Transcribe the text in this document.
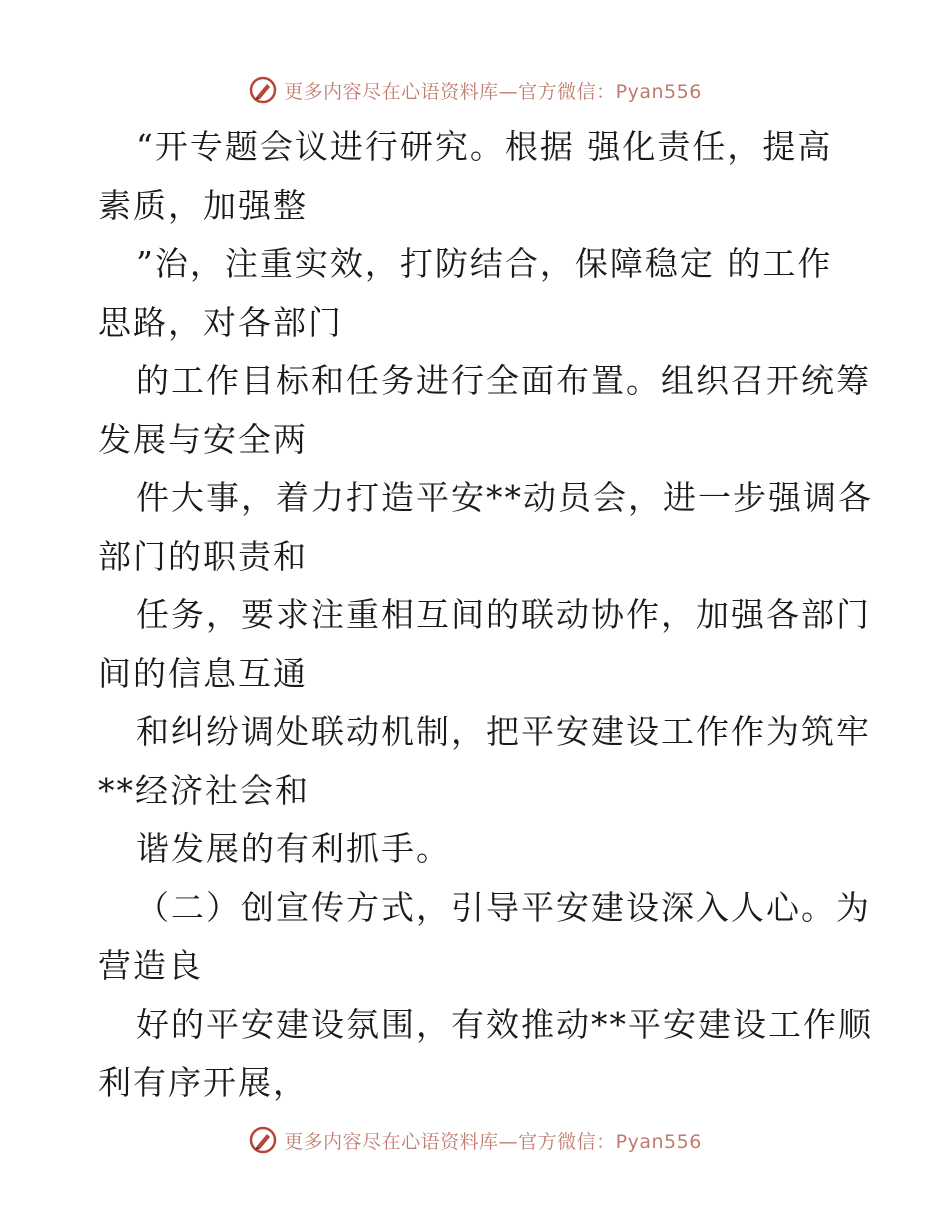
更多内容尽在心语资料库—官方微信：Pyan556
“开专题会议进行研究。根据 强化责任，提高
素质，加强整
”治，注重实效，打防结合，保障稳定 的工作
思路，对各部门
的工作目标和任务进行全面布置。组织召开统筹
发展与安全两
件大事，着力打造平安**动员会，进一步强调各
部门的职责和
任务，要求注重相互间的联动协作，加强各部门
间的信息互通
和纠纷调处联动机制，把平安建设工作作为筑牢
**经济社会和
谐发展的有利抓手。
（二）创宣传方式，引导平安建设深入人心。为
营造良
好的平安建设氛围，有效推动**平安建设工作顺
利有序开展，
更多内容尽在心语资料库—官方微信：Pyan556
